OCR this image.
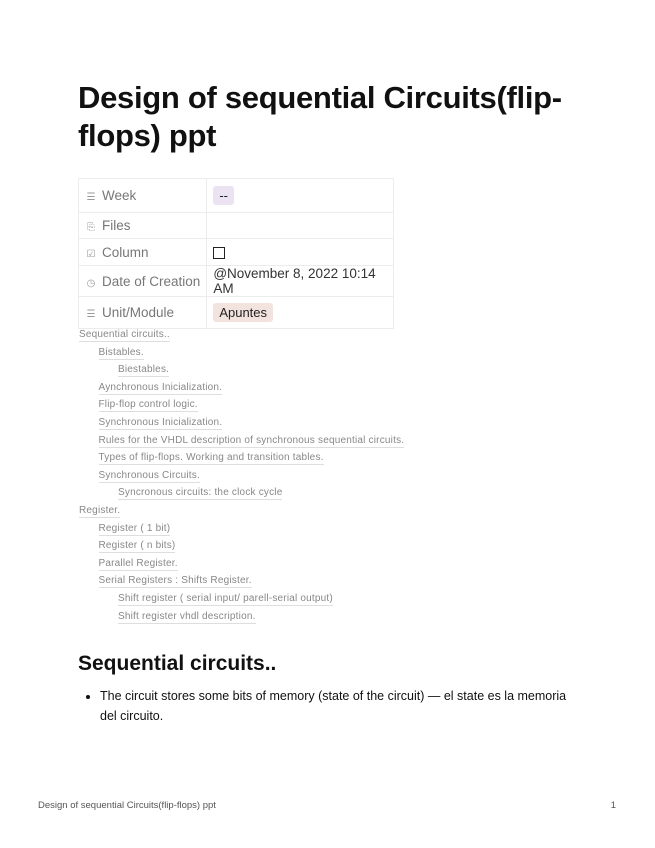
Design of sequential Circuits(flip-flops) ppt
☰ Week	--
⎘ Files	
☑ Column	
◷ Date of Creation	@November 8, 2022 10:14 AM
☰ Unit/Module	Apuntes
Sequential circuits..
Bistables.
Biestables.
Aynchronous Inicialization.
Flip-flop control logic.
Synchronous Inicialization.
Rules for the VHDL description of synchronous sequential circuits.
Types of flip-flops. Working and transition tables.
Synchronous Circuits.
Syncronous circuits: the clock cycle
Register.
Register ( 1 bit)
Register ( n bits)
Parallel Register.
Serial Registers : Shifts Register.
Shift register ( serial input/ parell-serial output)
Shift register vhdl description.
Sequential circuits..
• The circuit stores some bits of memory (state of the circuit) — el state es la memoria del circuito.
Design of sequential Circuits(flip-flops) ppt	1
